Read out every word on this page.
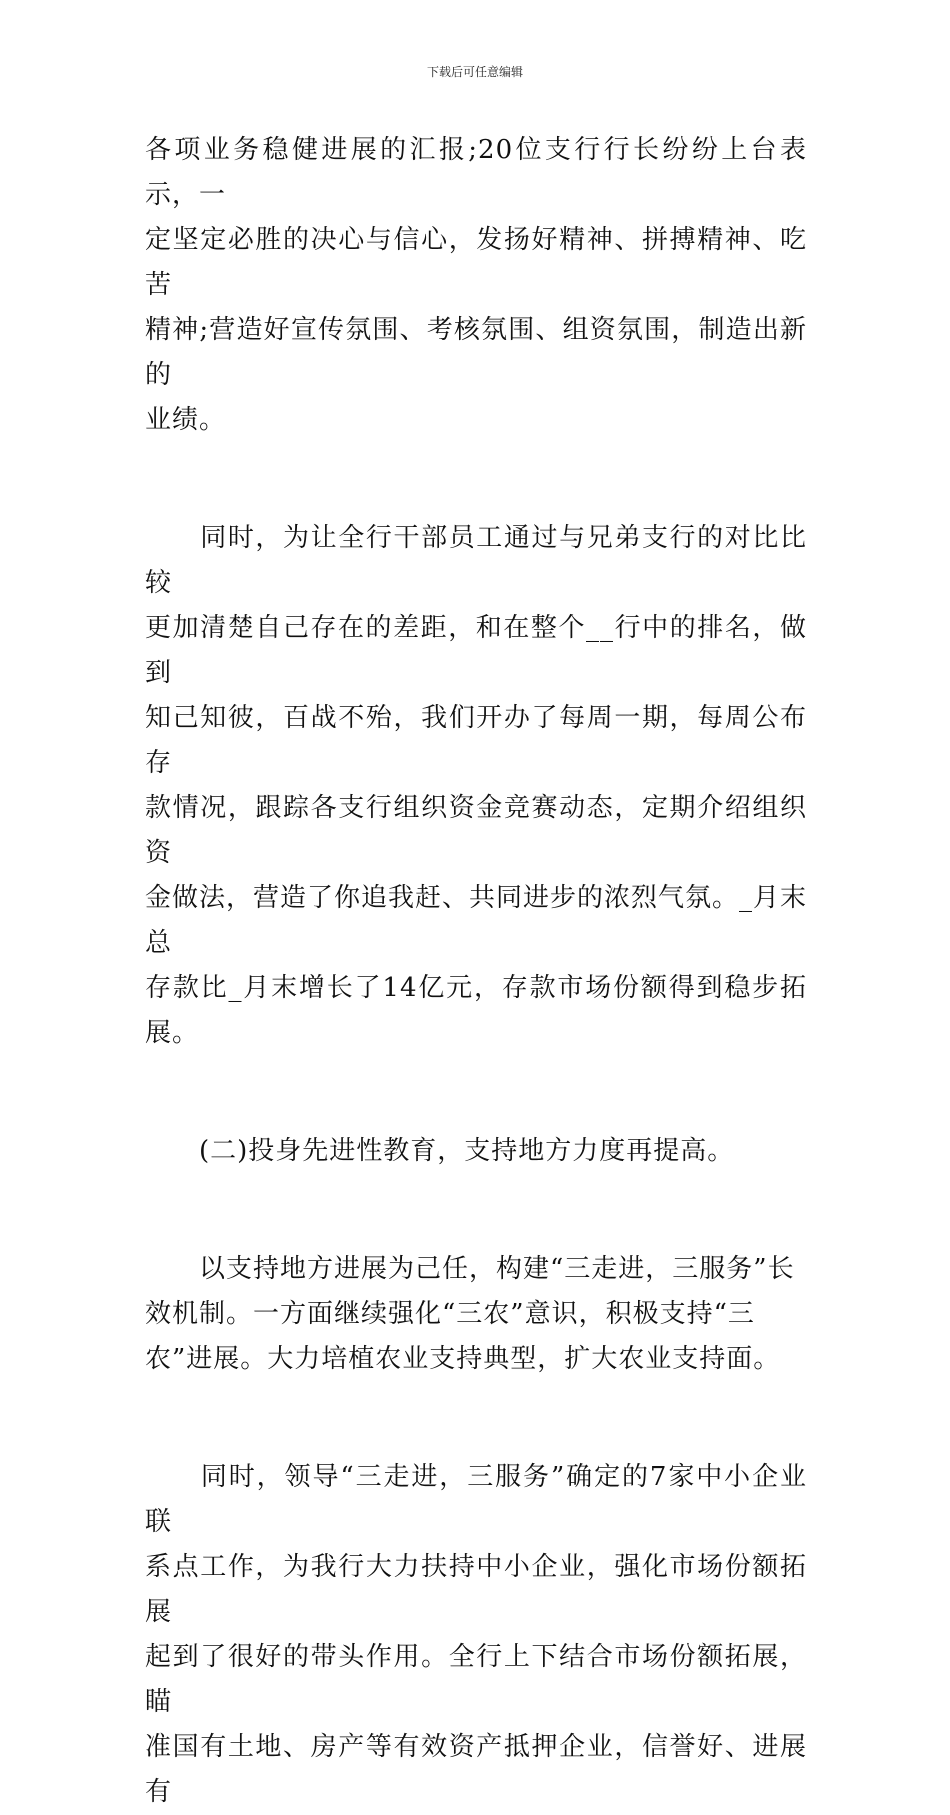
下载后可任意编辑
各项业务稳健进展的汇报;20位支行行长纷纷上台表示，一
定坚定必胜的决心与信心，发扬好精神、拼搏精神、吃苦
精神;营造好宣传氛围、考核氛围、组资氛围，制造出新的
业绩。
　　同时，为让全行干部员工通过与兄弟支行的对比比较
更加清楚自己存在的差距，和在整个__行中的排名，做到
知己知彼，百战不殆，我们开办了每周一期，每周公布存
款情况，跟踪各支行组织资金竞赛动态，定期介绍组织资
金做法，营造了你追我赶、共同进步的浓烈气氛。_月末总
存款比_月末增长了14亿元，存款市场份额得到稳步拓展。
　　(二)投身先进性教育，支持地方力度再提高。
　　以支持地方进展为己任，构建“三走进，三服务”长
效机制。一方面继续强化“三农”意识，积极支持“三
农”进展。大力培植农业支持典型，扩大农业支持面。
　　同时，领导“三走进，三服务”确定的7家中小企业联
系点工作，为我行大力扶持中小企业，强化市场份额拓展
起到了很好的带头作用。全行上下结合市场份额拓展，瞄
准国有土地、房产等有效资产抵押企业，信誉好、进展有
